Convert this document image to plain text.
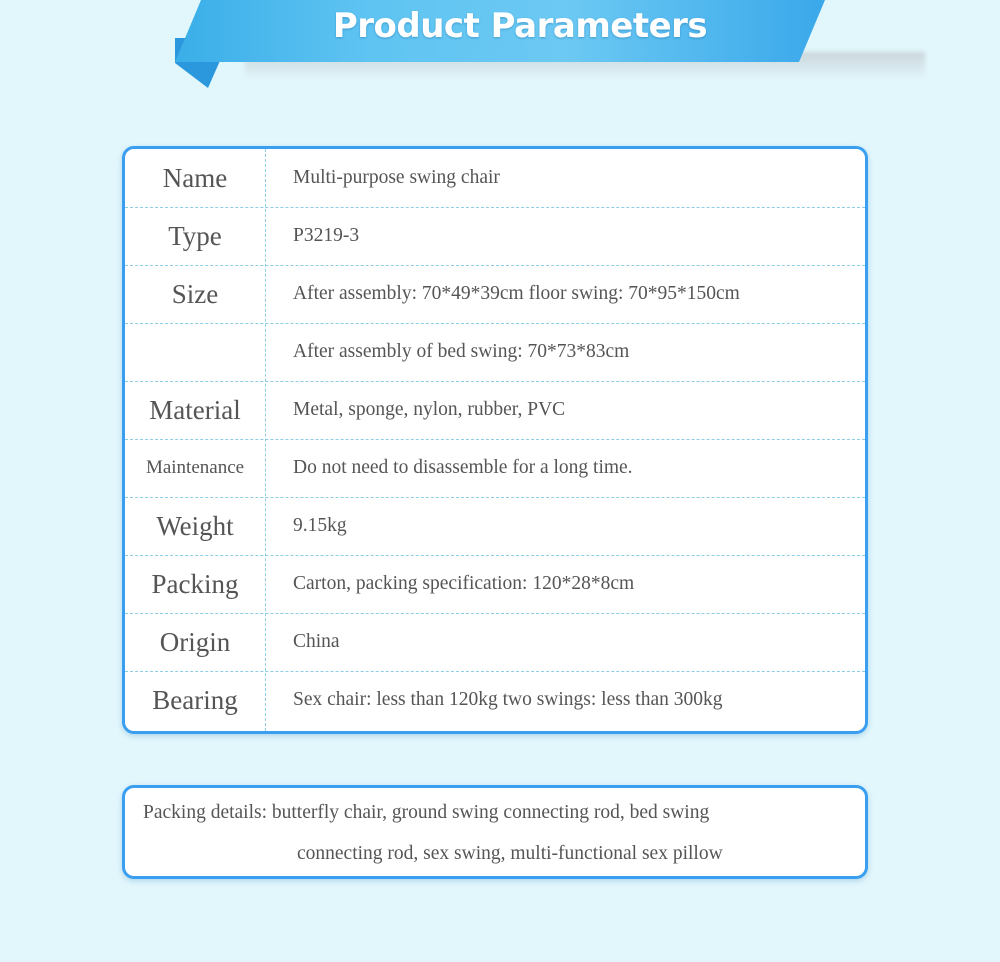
Product Parameters
Name	Multi-purpose swing chair
Type	P3219-3
Size	After assembly: 70*49*39cm floor swing: 70*95*150cm
After assembly of bed swing: 70*73*83cm
Material	Metal, sponge, nylon, rubber, PVC
Maintenance	Do not need to disassemble for a long time.
Weight	9.15kg
Packing	Carton, packing specification: 120*28*8cm
Origin	China
Bearing	Sex chair: less than 120kg two swings: less than 300kg
Packing details: butterfly chair, ground swing connecting rod, bed swing
connecting rod, sex swing, multi-functional sex pillow
